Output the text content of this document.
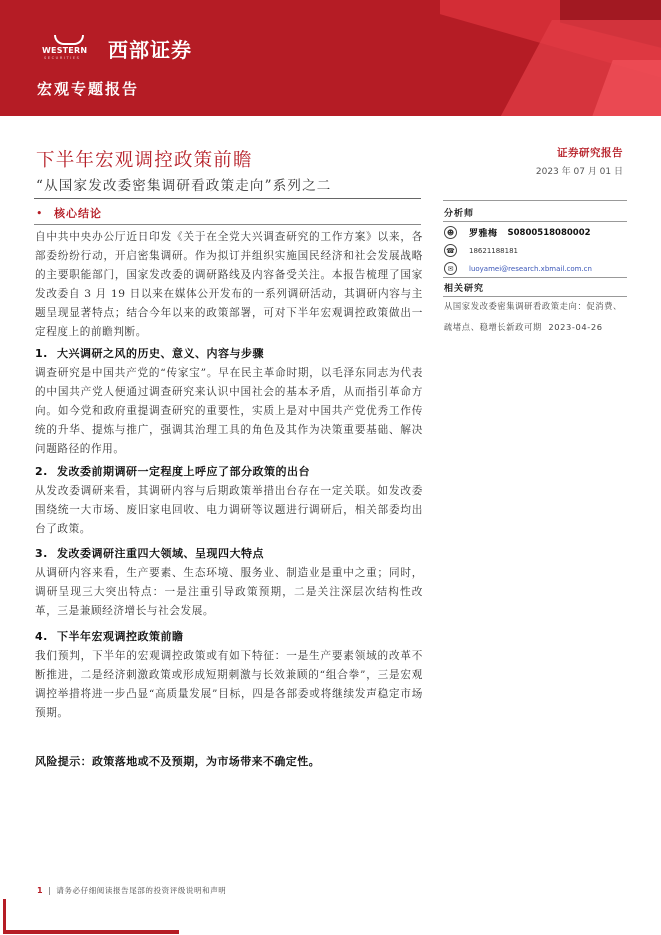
WESTERN
SECURITIES 西部证券
宏观专题报告
下半年宏观调控政策前瞻
“从国家发改委密集调研看政策走向”系列之二
证券研究报告
2023 年 07 月 01 日
•	核心结论
自中共中央办公厅近日印发《关于在全党大兴调查研究的工作方案》以来，各部委纷纷行动，开启密集调研。作为拟订并组织实施国民经济和社会发展战略的主要职能部门，国家发改委的调研路线及内容备受关注。本报告梳理了国家发改委自 3 月 19 日以来在媒体公开发布的一系列调研活动，其调研内容与主题呈现显著特点；结合今年以来的政策部署，可对下半年宏观调控政策做出一定程度上的前瞻判断。
1. 大兴调研之风的历史、意义、内容与步骤
调查研究是中国共产党的“传家宝”。早在民主革命时期，以毛泽东同志为代表的中国共产党人便通过调查研究来认识中国社会的基本矛盾，从而指引革命方向。如今党和政府重提调查研究的重要性，实质上是对中国共产党优秀工作传统的升华、提炼与推广，强调其治理工具的角色及其作为决策重要基础、解决问题路径的作用。
2. 发改委前期调研一定程度上呼应了部分政策的出台
从发改委调研来看，其调研内容与后期政策举措出台存在一定关联。如发改委围绕统一大市场、废旧家电回收、电力调研等议题进行调研后，相关部委均出台了政策。
3. 发改委调研注重四大领域、呈现四大特点
从调研内容来看，生产要素、生态环境、服务业、制造业是重中之重；同时，调研呈现三大突出特点：一是注重引导政策预期，二是关注深层次结构性改革，三是兼顾经济增长与社会发展。
4. 下半年宏观调控政策前瞻
我们预判，下半年的宏观调控政策或有如下特征：一是生产要素领域的改革不断推进，二是经济刺激政策或形成短期刺激与长效兼顾的“组合拳”，三是宏观调控举措将进一步凸显“高质量发展”目标，四是各部委或将继续发声稳定市场预期。
风险提示：政策落地或不及预期，为市场带来不确定性。
分析师
☻	罗雅梅 S0800518080002
☎	18621188181
✉	luoyamei@research.xbmail.com.cn
相关研究
从国家发改委密集调研看政策走向：促消费、疏堵点、稳增长新政可期 2023-04-26
1 | 请务必仔细阅读报告尾部的投资评级说明和声明
